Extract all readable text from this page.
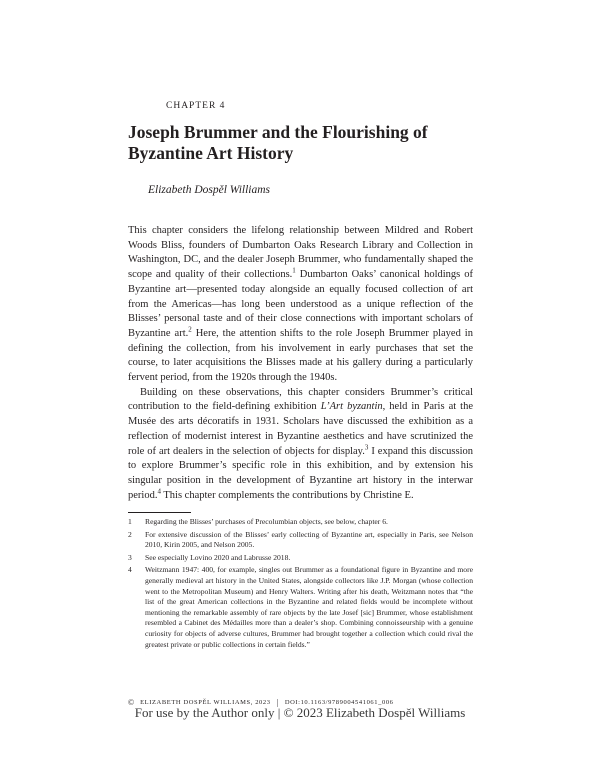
CHAPTER 4
Joseph Brummer and the Flourishing of Byzantine Art History
Elizabeth Dospěl Williams

This chapter considers the lifelong relationship between Mildred and Robert Woods Bliss, founders of Dumbarton Oaks Research Library and Collection in Washington, DC, and the dealer Joseph Brummer, who fundamentally shaped the scope and quality of their collections.$^1$ Dumbarton Oaks’ canonical holdings of Byzantine art—presented today alongside an equally focused collection of art from the Americas—has long been understood as a unique reflection of the Blisses’ personal taste and of their close connections with important scholars of Byzantine art.$^2$ Here, the attention shifts to the role Joseph Brummer played in defining the collection, from his involvement in early purchases that set the course, to later acquisitions the Blisses made at his gallery during a particularly fervent period, from the 1920s through the 1940s.

Building on these observations, this chapter considers Brummer’s critical contribution to the field-defining exhibition L’Art byzantin, held in Paris at the Musée des arts décoratifs in 1931. Scholars have discussed the exhibition as a reflection of modernist interest in Byzantine aesthetics and have scrutinized the role of art dealers in the selection of objects for display.$^3$ I expand this discussion to explore Brummer’s specific role in this exhibition, and by extension his singular position in the development of Byzantine art history in the interwar period.$^4$ This chapter complements the contributions by Christine E.

1 Regarding the Blisses’ purchases of Precolumbian objects, see below, chapter 6.
2 For extensive discussion of the Blisses’ early collecting of Byzantine art, especially in Paris, see Nelson 2010, Kirin 2005, and Nelson 2005.
3 See especially Lovino 2020 and Labrusse 2018.
4 Weitzmann 1947: 400, for example, singles out Brummer as a foundational figure in Byzantine and more generally medieval art history in the United States, alongside collectors like J.P. Morgan (whose collection went to the Metropolitan Museum) and Henry Walters. Writing after his death, Weitzmann notes that “the list of the great American collections in the Byzantine and related fields would be incomplete without mentioning the remarkable assembly of rare objects by the late Josef [sic] Brummer, whose establishment resembled a Cabinet des Médailles more than a dealer’s shop. Combining connoisseurship with a genuine curiosity for objects of adverse cultures, Brummer had brought together a collection which could rival the greatest private or public collections in certain fields.”
© ELIZABETH DOSPĚL WILLIAMS, 2023 | DOI:10.1163/9789004541061_006
For use by the Author only | © 2023 Elizabeth Dospěl Williams
